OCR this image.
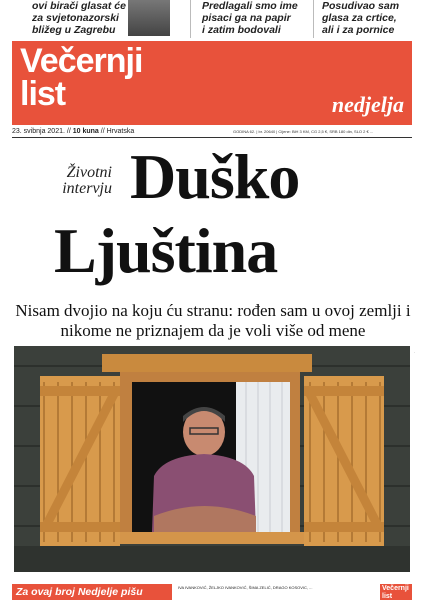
ovi birači glasat će
za svjetonazorski
bližeg u Zagrebu
Predlagali smo ime
pisaci ga na papir
i zatim bodovali
Posudivao sam
glasa za crtice,
ali i za pornice
Večernji
list	nedjelja
23. svibnja 2021. // 10 kuna // Hrvatska	GODINA 62. | br. 20640 | Cijene: BiH 3 KM, CG 2,5 €, SRB 180 din, SLO 2 € ...
Životni
intervju Duško
Ljuština
Nisam dvojio na koju ću stranu: rođen sam u ovoj zemlji i nikome ne priznajem da je voli više od mene
·
Za ovaj broj Nedjelje pišu	IVA IVANKOVIĆ, ŽELJKO IVANKOVIĆ, ŠIMA ZELIĆ, DRAGO KOSOVIC, ...	Večernji
list
